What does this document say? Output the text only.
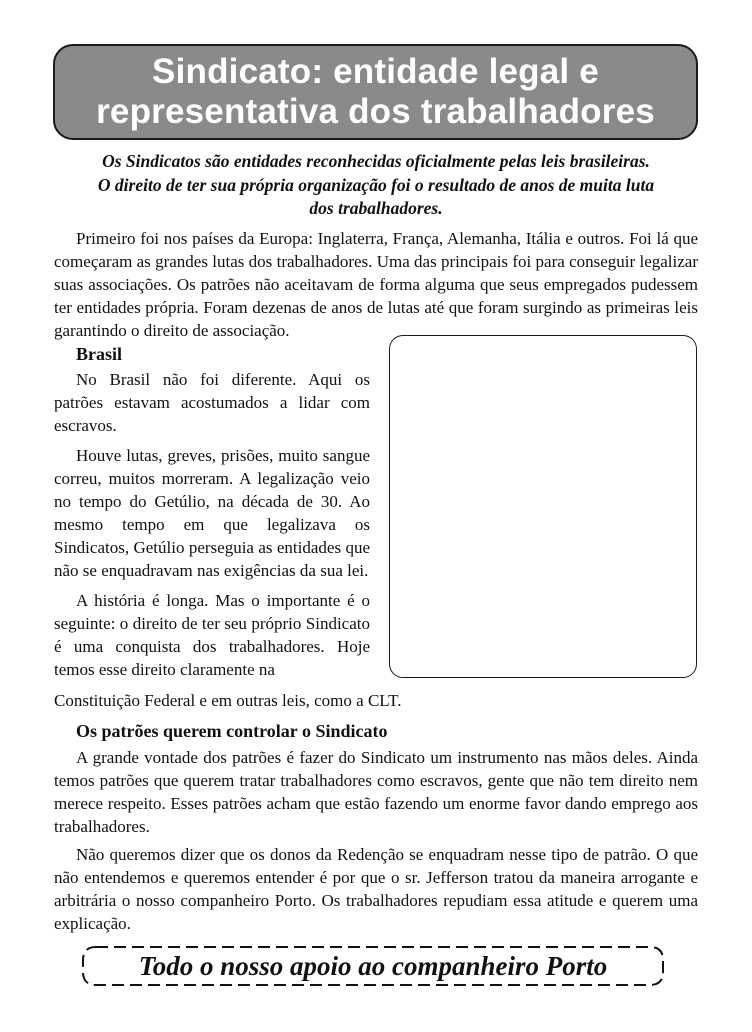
Sindicato: entidade legal e
representativa dos trabalhadores

Os Sindicatos são entidades reconhecidas oficialmente pelas leis brasileiras.
O direito de ter sua própria organização foi o resultado de anos de muita luta
dos trabalhadores.

Primeiro foi nos países da Europa: Inglaterra, França, Alemanha, Itália e outros. Foi lá que começaram as grandes lutas dos trabalhadores. Uma das principais foi para conseguir legalizar suas associações. Os patrões não aceitavam de forma alguma que seus empregados pudessem ter entidades própria. Foram dezenas de anos de lutas até que foram surgindo as primeiras leis garantindo o direito de associação.

Brasil

No Brasil não foi diferente. Aqui os patrões estavam acostumados a lidar com escravos.

Houve lutas, greves, prisões, muito sangue correu, muitos morreram. A legalização veio no tempo do Getúlio, na década de 30. Ao mesmo tempo em que legalizava os Sindicatos, Getúlio perseguia as entidades que não se enquadravam nas exigências da sua lei.

A história é longa. Mas o importante é o seguinte: o direito de ter seu próprio Sindicato é uma conquista dos trabalhadores. Hoje temos esse direito claramente na

Constituição Federal e em outras leis, como a CLT.

Os patrões querem controlar o Sindicato

A grande vontade dos patrões é fazer do Sindicato um instrumento nas mãos deles. Ainda temos patrões que querem tratar trabalhadores como escravos, gente que não tem direito nem merece respeito. Esses patrões acham que estão fazendo um enorme favor dando emprego aos trabalhadores.

Não queremos dizer que os donos da Redenção se enquadram nesse tipo de patrão. O que não entendemos e queremos entender é por que o sr. Jefferson tratou da maneira arrogante e arbitrária o nosso companheiro Porto. Os trabalhadores repudiam essa atitude e querem uma explicação.

Todo o nosso apoio ao companheiro Porto
